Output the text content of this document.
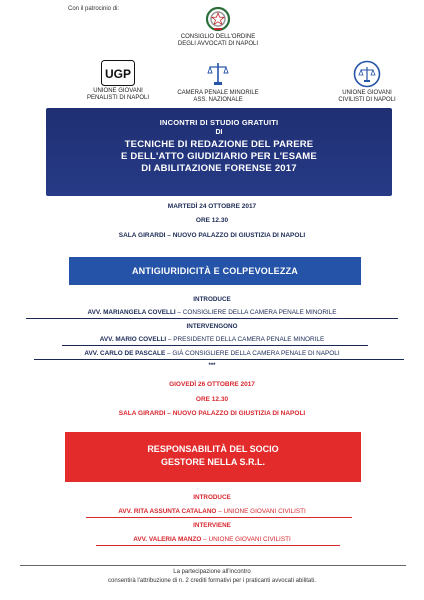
Con il patrocinio di:
CONSIGLIO DELL'ORDINE
DEGLI AVVOCATI DI NAPOLI
UGP
UNIONE GIOVANI
PENALISTI DI NAPOLI
CAMERA PENALE MINORILE
ASS. NAZIONALE
UNIONE GIOVANI
CIVILISTI DI NAPOLI
INCONTRI DI STUDIO GRATUITI
DI
TECNICHE DI REDAZIONE DEL PARERE
E DELL'ATTO GIUDIZIARIO PER L'ESAME
DI ABILITAZIONE FORENSE 2017
MARTEDÌ 24 OTTOBRE 2017
ORE 12.30
SALA GIRARDI – NUOVO PALAZZO DI GIUSTIZIA DI NAPOLI
ANTIGIURIDICITÀ E COLPEVOLEZZA
INTRODUCE
AVV. MARIANGELA COVELLI – CONSIGLIERE DELLA CAMERA PENALE MINORILE
INTERVENGONO
AVV. MARIO COVELLI – PRESIDENTE DELLA CAMERA PENALE MINORILE
AVV. CARLO DE PASCALE – GIÀ CONSIGLIERE DELLA CAMERA PENALE DI NAPOLI
***
GIOVEDÌ 26 OTTOBRE 2017
ORE 12.30
SALA GIRARDI – NUOVO PALAZZO DI GIUSTIZIA DI NAPOLI
RESPONSABILITÀ DEL SOCIO
GESTORE NELLA S.R.L.
INTRODUCE
AVV. RITA ASSUNTA CATALANO – UNIONE GIOVANI CIVILISTI
INTERVIENE
AVV. VALERIA MANZO – UNIONE GIOVANI CIVILISTI
La partecipazione all'incontro
consentirà l'attribuzione di n. 2 crediti formativi per i praticanti avvocati abilitati.
